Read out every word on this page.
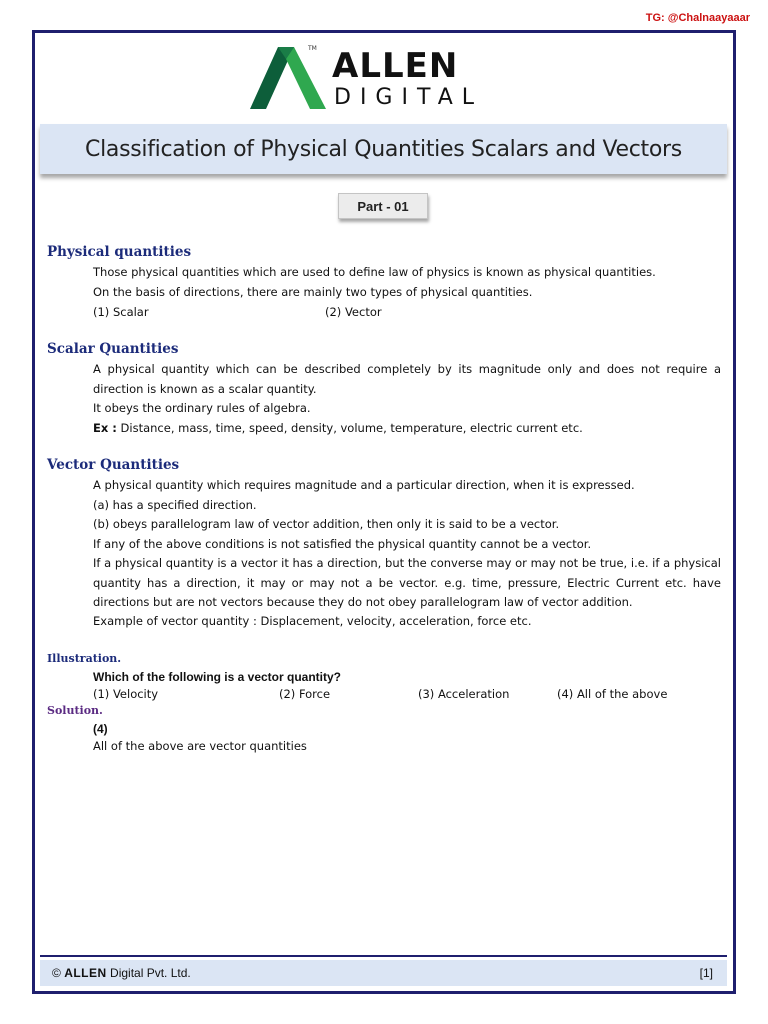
TG: @Chalnaayaaar
TM ALLEN
DIGITAL
Classification of Physical Quantities Scalars and Vectors
Part - 01
Physical quantities
Those physical quantities which are used to define law of physics is known as physical quantities.
On the basis of directions, there are mainly two types of physical quantities.
(1) Scalar	(2) Vector
Scalar Quantities
A physical quantity which can be described completely by its magnitude only and does not require a direction is known as a scalar quantity.
It obeys the ordinary rules of algebra.
Ex : Distance, mass, time, speed, density, volume, temperature, electric current etc.
Vector Quantities
A physical quantity which requires magnitude and a particular direction, when it is expressed.
(a) has a specified direction.
(b) obeys parallelogram law of vector addition, then only it is said to be a vector.
If any of the above conditions is not satisfied the physical quantity cannot be a vector.
If a physical quantity is a vector it has a direction, but the converse may or may not be true, i.e. if a physical quantity has a direction, it may or may not a be vector. e.g. time, pressure, Electric Current etc. have directions but are not vectors because they do not obey parallelogram law of vector addition.
Example of vector quantity : Displacement, velocity, acceleration, force etc.
Illustration.
Which of the following is a vector quantity?
(1) Velocity	(2) Force	(3) Acceleration	(4) All of the above
Solution.
(4)
All of the above are vector quantities
© ALLEN Digital Pvt. Ltd.	[1]
